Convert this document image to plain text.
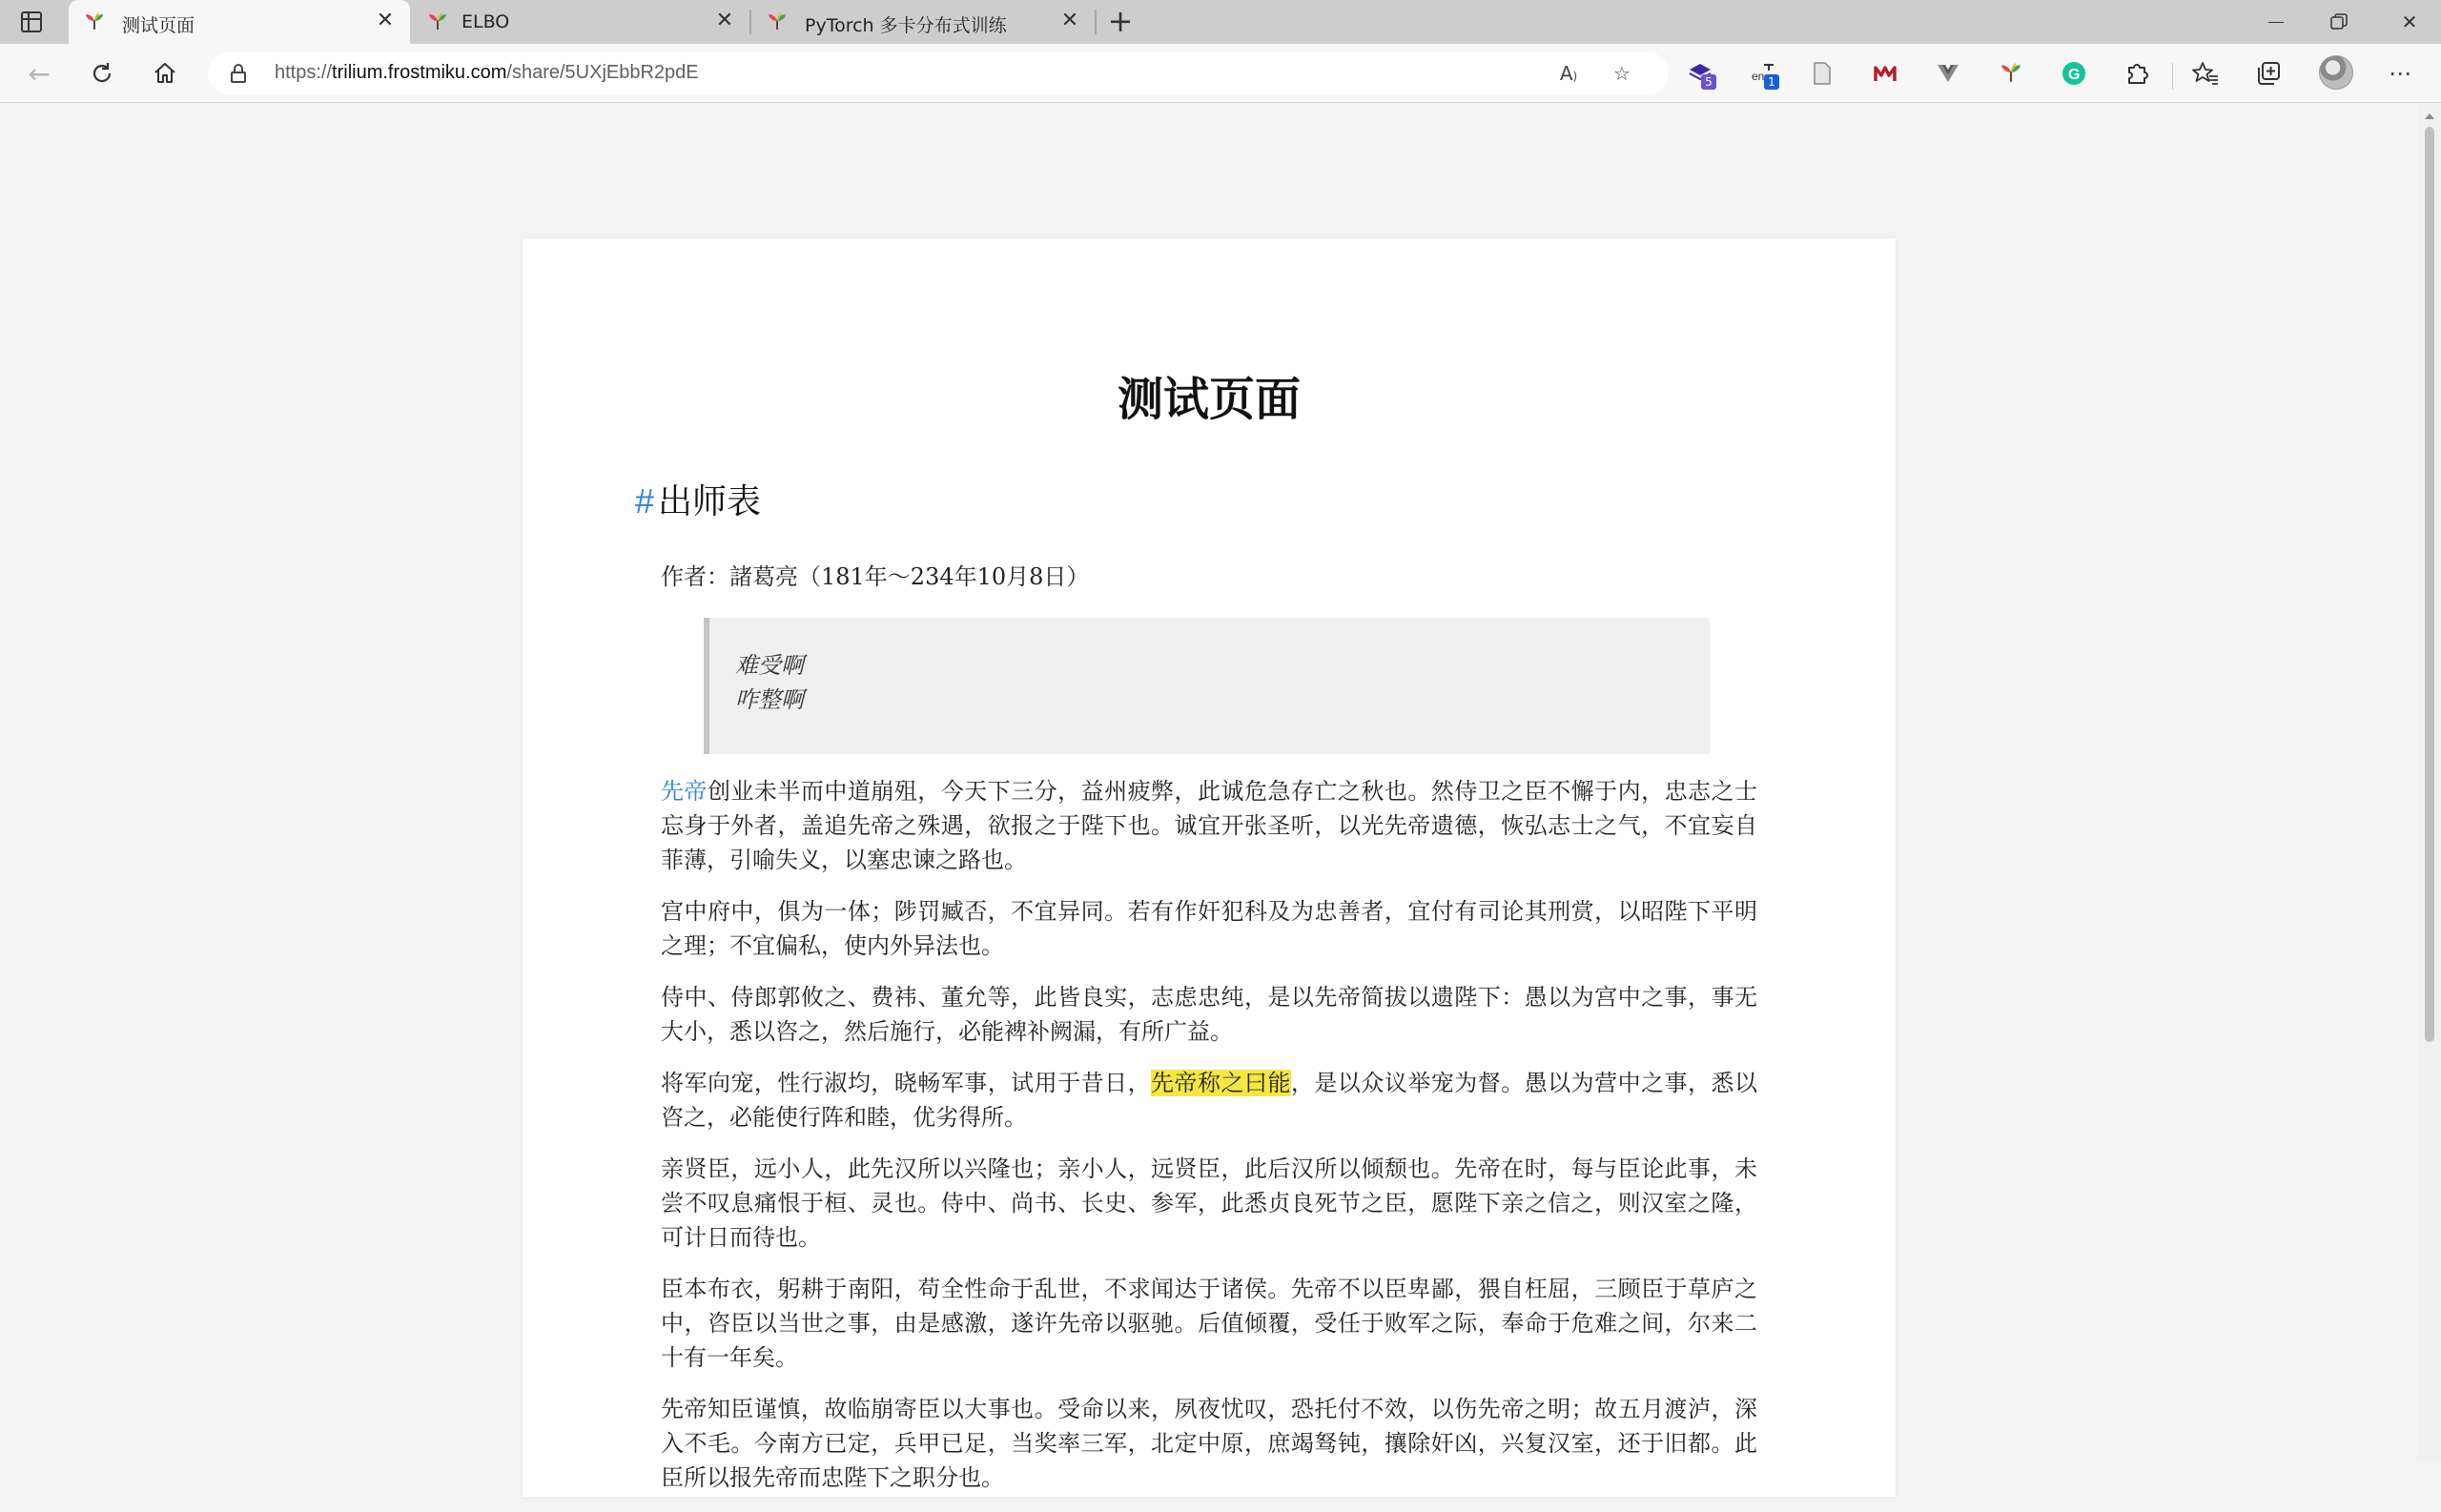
测试页面	✕	ELBO	✕	PyTorch 多卡分布式训练	✕ +	✕
←	https://trilium.frostmiku.com/share/5UXjEbbR2pdE	A) ☆	5	en 1	G	⋯
测试页面
# 出师表
作者：諸葛亮（181年～234年10月8日）
难受啊
咋整啊

先帝创业未半而中道崩殂，今天下三分，益州疲弊，此诚危急存亡之秋也。然侍卫之臣不懈于内，忠志之士忘身于外者，盖追先帝之殊遇，欲报之于陛下也。诚宜开张圣听，以光先帝遗德，恢弘志士之气，不宜妄自菲薄，引喻失义，以塞忠谏之路也。

宫中府中，俱为一体；陟罚臧否，不宜异同。若有作奸犯科及为忠善者，宜付有司论其刑赏，以昭陛下平明之理；不宜偏私，使内外异法也。

侍中、侍郎郭攸之、费祎、董允等，此皆良实，志虑忠纯，是以先帝简拔以遗陛下：愚以为宫中之事，事无大小，悉以咨之，然后施行，必能裨补阙漏，有所广益。

将军向宠，性行淑均，晓畅军事，试用于昔日，先帝称之曰能，是以众议举宠为督。愚以为营中之事，悉以咨之，必能使行阵和睦，优劣得所。

亲贤臣，远小人，此先汉所以兴隆也；亲小人，远贤臣，此后汉所以倾颓也。先帝在时，每与臣论此事，未尝不叹息痛恨于桓、灵也。侍中、尚书、长史、参军，此悉贞良死节之臣，愿陛下亲之信之，则汉室之隆，可计日而待也。

臣本布衣，躬耕于南阳，苟全性命于乱世，不求闻达于诸侯。先帝不以臣卑鄙，猥自枉屈，三顾臣于草庐之中，咨臣以当世之事，由是感激，遂许先帝以驱驰。后值倾覆，受任于败军之际，奉命于危难之间，尔来二十有一年矣。

先帝知臣谨慎，故临崩寄臣以大事也。受命以来，夙夜忧叹，恐托付不效，以伤先帝之明；故五月渡泸，深入不毛。今南方已定，兵甲已足，当奖率三军，北定中原，庶竭驽钝，攘除奸凶，兴复汉室，还于旧都。此臣所以报先帝而忠陛下之职分也。
